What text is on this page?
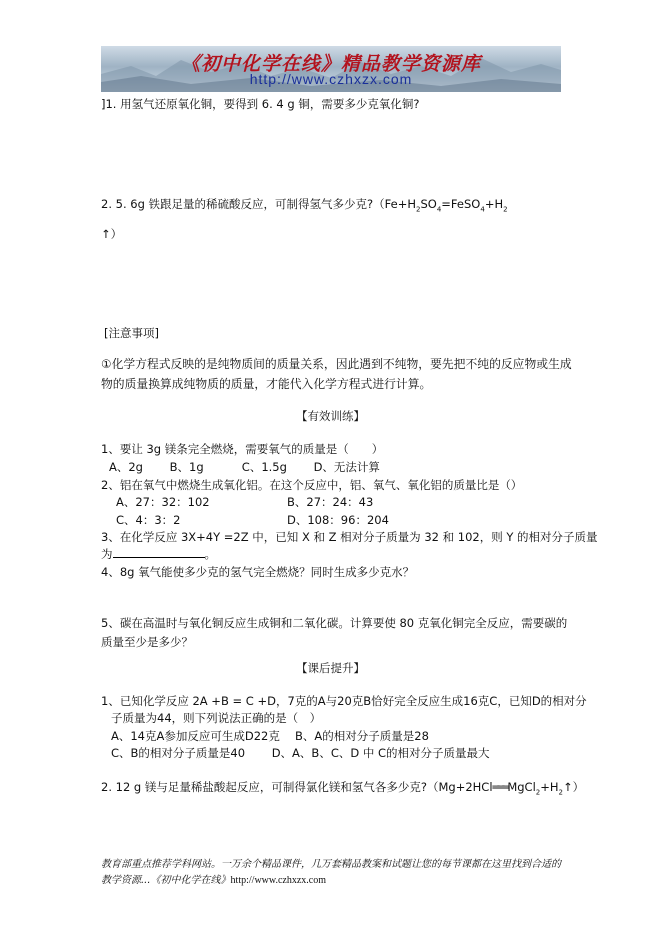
《初中化学在线》精品教学资源库
http://www.czhxzx.com
]1. 用氢气还原氧化铜，要得到 6. 4 g 铜，需要多少克氧化铜?
2. 5. 6g 铁跟足量的稀硫酸反应，可制得氢气多少克$?(Fe+H_2SO_4=FeSO_4+H_2$
↑）
[注意事项]
①化学方程式反映的是纯物质间的质量关系，因此遇到不纯物，要先把不纯的反应物或生成
物的质量换算成纯物质的质量，才能代入化学方程式进行计算。
【有效训练】
1、要让 3g 镁条完全燃烧，需要氧气的质量是（　　）
A、2g　　 B、1g　　　 C、1.5g　　 D、无法计算
2、铝在氧气中燃烧生成氧化铝。在这个反应中，铝、氧气、氧化铝的质量比是（）
A、27：32：102	B、27：24：43
C、4：3：2	D、108：96：204
3、在化学反应 3X+4Y =2Z 中，已知 X 和 Z 相对分子质量为 32 和 102，则 Y 的相对分子质量
为	。
4、8g 氧气能使多少克的氢气完全燃烧？同时生成多少克水？
5、碳在高温时与氧化铜反应生成铜和二氧化碳。计算要使 80 克氧化铜完全反应，需要碳的
质量至少是多少？
【课后提升】
1、已知化学反应 2A +B = C +D，7克的A与20克B恰好完全反应生成16克C，已知D的相对分
子质量为44，则下列说法正确的是（　）
A、14克A参加反应可生成D22克 B、A的相对分子质量是28
C、B的相对分子质量是40　　 D、A、B、C、D 中 C的相对分子质量最大
2. 12 g 镁与足量稀盐酸起反应，可制得氯化镁和氢气各多少克$?(Mg+2HCl═══MgCl_2+H_2↑)$
教育部重点推荐学科网站。一万余个精品课件，几万套精品教案和试题让您的每节课都在这里找到合适的
教学资源...《初中化学在线》http://www.czhxzx.com
